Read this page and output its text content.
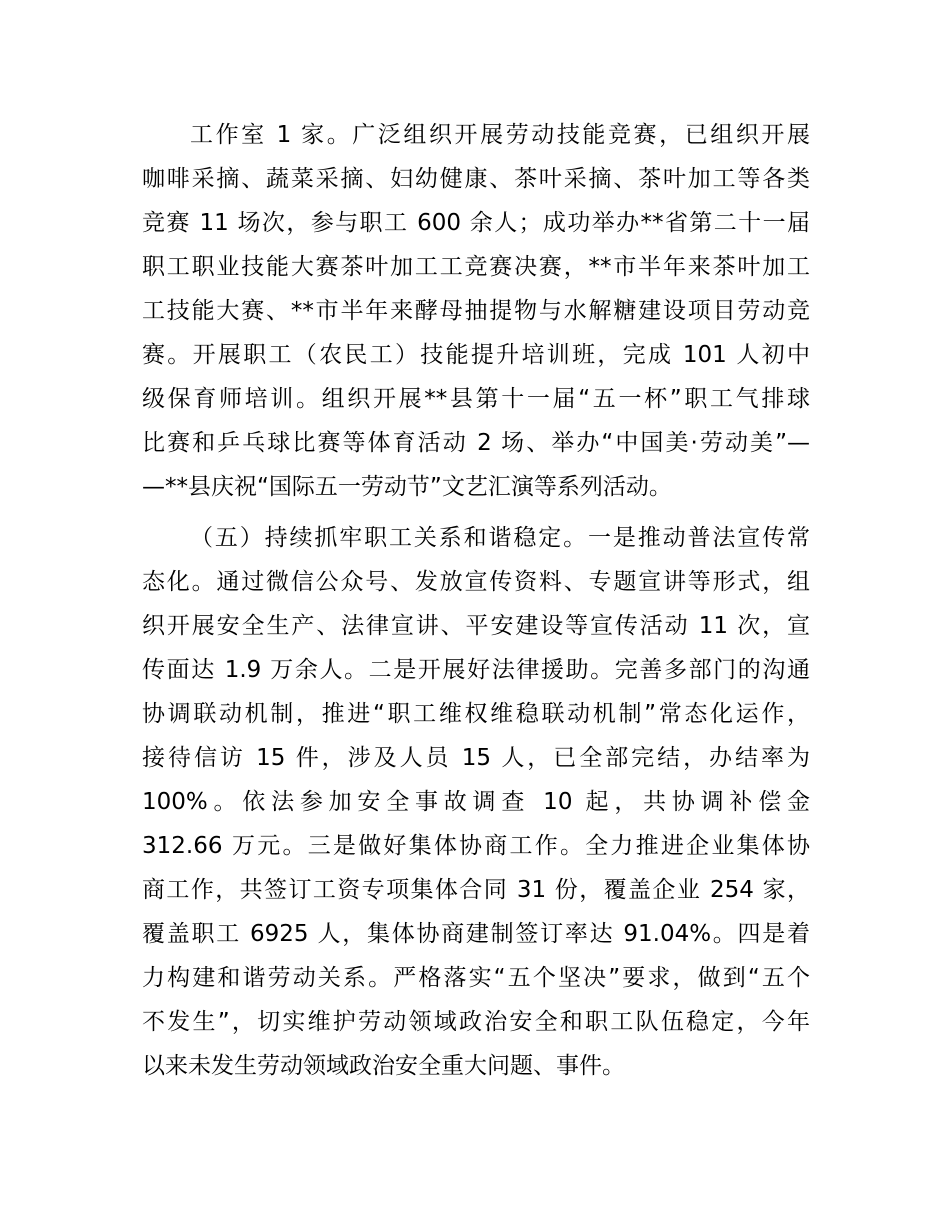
工作室 1 家。广泛组织开展劳动技能竞赛，已组织开展
咖啡采摘、蔬菜采摘、妇幼健康、茶叶采摘、茶叶加工等各类
竞赛 11 场次，参与职工 600 余人；成功举办**省第二十一届
职工职业技能大赛茶叶加工工竞赛决赛，**市半年来茶叶加工
工技能大赛、**市半年来酵母抽提物与水解糖建设项目劳动竞
赛。开展职工（农民工）技能提升培训班，完成 101 人初中
级保育师培训。组织开展**县第十一届“五一杯”职工气排球
比赛和乒乓球比赛等体育活动 2 场、举办“中国美·劳动美”—
—**县庆祝“国际五一劳动节”文艺汇演等系列活动。
（五）持续抓牢职工关系和谐稳定。一是推动普法宣传常
态化。通过微信公众号、发放宣传资料、专题宣讲等形式，组
织开展安全生产、法律宣讲、平安建设等宣传活动 11 次，宣
传面达 1.9 万余人。二是开展好法律援助。完善多部门的沟通
协调联动机制，推进“职工维权维稳联动机制”常态化运作，
接待信访 15 件，涉及人员 15 人，已全部完结，办结率为
100%。依法参加安全事故调查 10 起，共协调补偿金
312.66 万元。三是做好集体协商工作。全力推进企业集体协
商工作，共签订工资专项集体合同 31 份，覆盖企业 254 家，
覆盖职工 6925 人，集体协商建制签订率达 91.04%。四是着
力构建和谐劳动关系。严格落实“五个坚决”要求，做到“五个
不发生”，切实维护劳动领域政治安全和职工队伍稳定，今年
以来未发生劳动领域政治安全重大问题、事件。
